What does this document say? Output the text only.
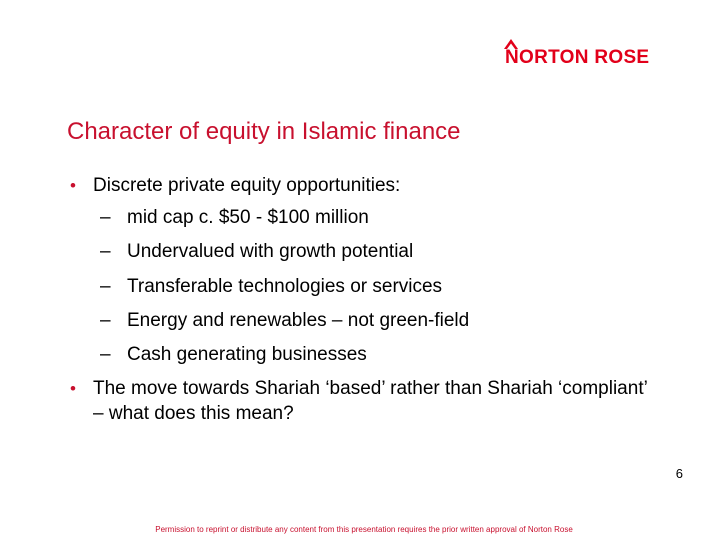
NORTON ROSE
Character of equity in Islamic finance
• Discrete private equity opportunities:
– mid cap c. $50 - $100 million
– Undervalued with growth potential
– Transferable technologies or services
– Energy and renewables – not green-field
– Cash generating businesses
• The move towards Shariah ‘based’ rather than Shariah ‘compliant’ – what does this mean?
6
Permission to reprint or distribute any content from this presentation requires the prior written approval of Norton Rose
